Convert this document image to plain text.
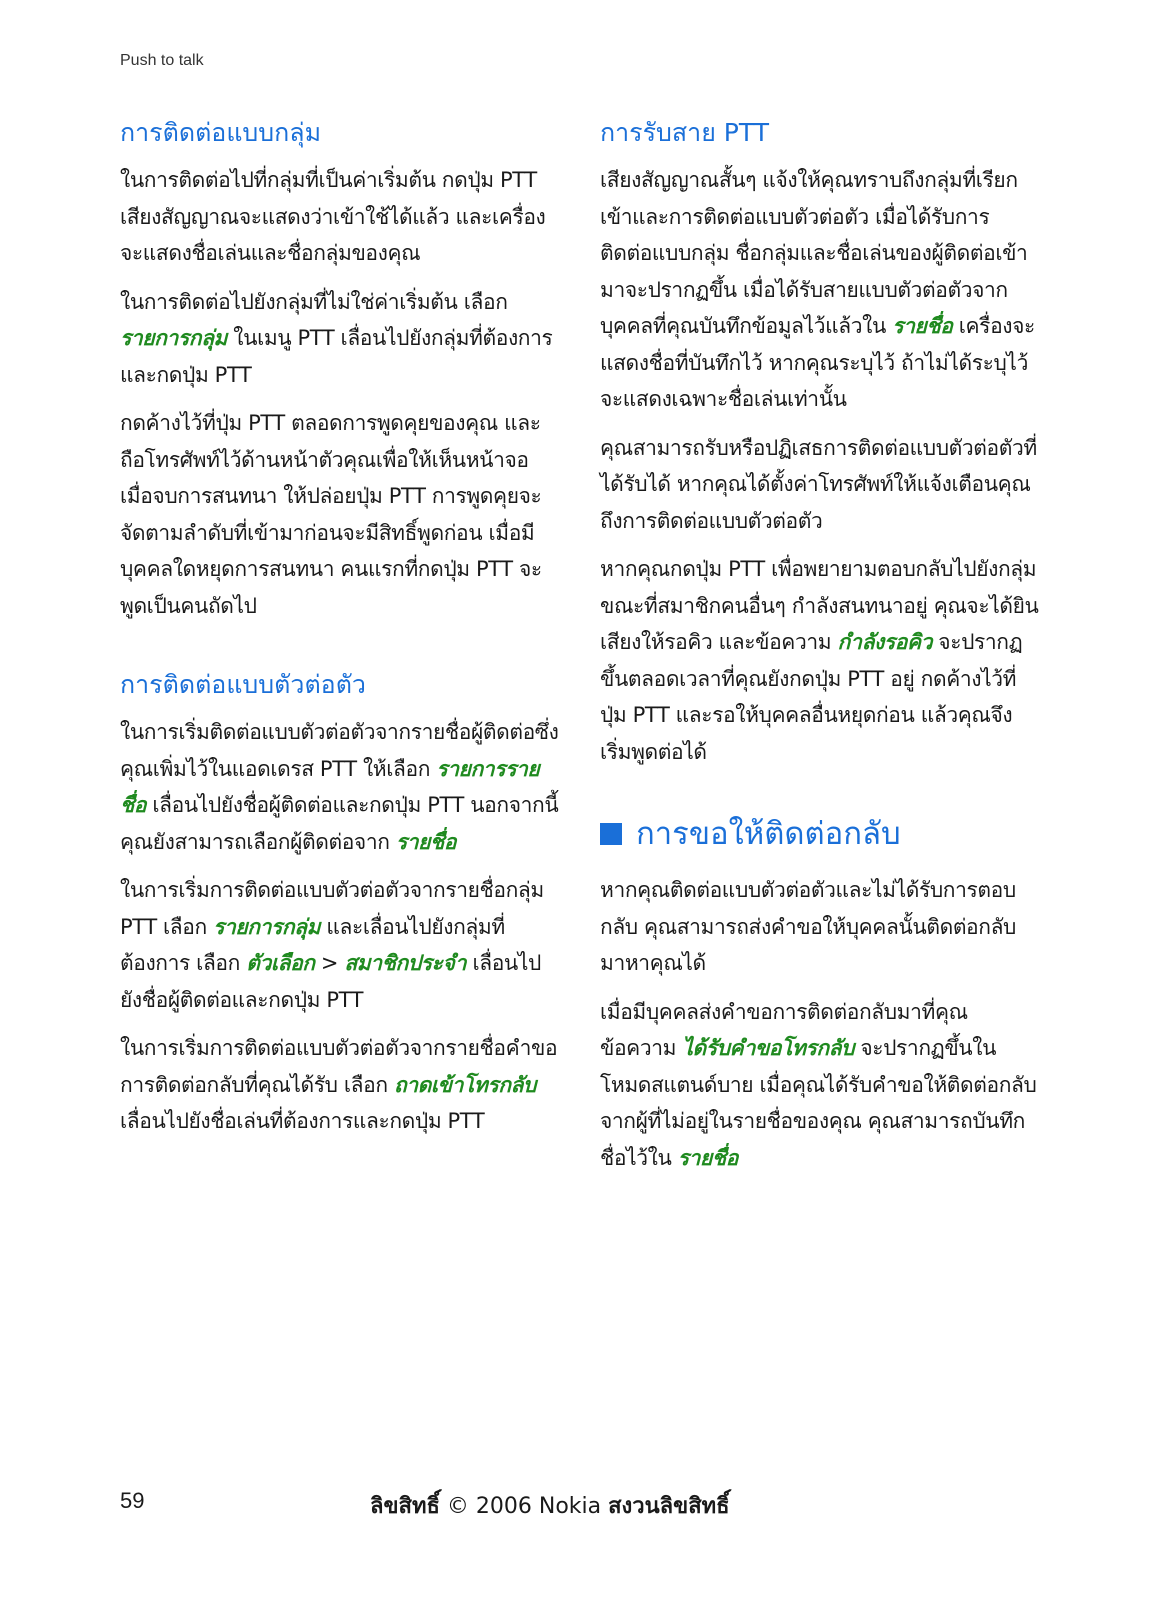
Push to talk
การติดต่อแบบกลุ่ม

ในการติดต่อไปที่กลุ่มที่เป็นค่าเริ่มต้น กดปุ่ม PTT เสียงสัญญาณจะแสดงว่าเข้าใช้ได้แล้ว และเครื่องจะแสดงชื่อเล่นและชื่อกลุ่มของคุณ

ในการติดต่อไปยังกลุ่มที่ไม่ใช่ค่าเริ่มต้น เลือก รายการกลุ่ม ในเมนู PTT เลื่อนไปยังกลุ่มที่ต้องการ และกดปุ่ม PTT

กดค้างไว้ที่ปุ่ม PTT ตลอดการพูดคุยของคุณ และถือโทรศัพท์ไว้ด้านหน้าตัวคุณเพื่อให้เห็นหน้าจอ เมื่อจบการสนทนา ให้ปล่อยปุ่ม PTT การพูดคุยจะจัดตามลำดับที่เข้ามาก่อนจะมีสิทธิ์พูดก่อน เมื่อมีบุคคลใดหยุดการสนทนา คนแรกที่กดปุ่ม PTT จะพูดเป็นคนถัดไป

การติดต่อแบบตัวต่อตัว

ในการเริ่มติดต่อแบบตัวต่อตัวจากรายชื่อผู้ติดต่อซึ่งคุณเพิ่มไว้ในแอดเดรส PTT ให้เลือก รายการรายชื่อ เลื่อนไปยังชื่อผู้ติดต่อและกดปุ่ม PTT นอกจากนี้ คุณยังสามารถเลือกผู้ติดต่อจาก รายชื่อ

ในการเริ่มการติดต่อแบบตัวต่อตัวจากรายชื่อกลุ่ม PTT เลือก รายการกลุ่ม และเลื่อนไปยังกลุ่มที่ต้องการ เลือก ตัวเลือก > สมาชิกประจำ เลื่อนไปยังชื่อผู้ติดต่อและกดปุ่ม PTT

ในการเริ่มการติดต่อแบบตัวต่อตัวจากรายชื่อคำขอการติดต่อกลับที่คุณได้รับ เลือก ถาดเข้าโทรกลับ เลื่อนไปยังชื่อเล่นที่ต้องการและกดปุ่ม PTT

การรับสาย PTT

เสียงสัญญาณสั้นๆ แจ้งให้คุณทราบถึงกลุ่มที่เรียกเข้าและการติดต่อแบบตัวต่อตัว เมื่อได้รับการติดต่อแบบกลุ่ม ชื่อกลุ่มและชื่อเล่นของผู้ติดต่อเข้ามาจะปรากฏขึ้น เมื่อได้รับสายแบบตัวต่อตัวจากบุคคลที่คุณบันทึกข้อมูลไว้แล้วใน รายชื่อ เครื่องจะแสดงชื่อที่บันทึกไว้ หากคุณระบุไว้ ถ้าไม่ได้ระบุไว้ จะแสดงเฉพาะชื่อเล่นเท่านั้น

คุณสามารถรับหรือปฏิเสธการติดต่อแบบตัวต่อตัวที่ได้รับได้ หากคุณได้ตั้งค่าโทรศัพท์ให้แจ้งเตือนคุณถึงการติดต่อแบบตัวต่อตัว

หากคุณกดปุ่ม PTT เพื่อพยายามตอบกลับไปยังกลุ่มขณะที่สมาชิกคนอื่นๆ กำลังสนทนาอยู่ คุณจะได้ยินเสียงให้รอคิว และข้อความ กำลังรอคิว จะปรากฏขึ้นตลอดเวลาที่คุณยังกดปุ่ม PTT อยู่ กดค้างไว้ที่ปุ่ม PTT และรอให้บุคคลอื่นหยุดก่อน แล้วคุณจึงเริ่มพูดต่อได้

การขอให้ติดต่อกลับ

หากคุณติดต่อแบบตัวต่อตัวและไม่ได้รับการตอบกลับ คุณสามารถส่งคำขอให้บุคคลนั้นติดต่อกลับมาหาคุณได้

เมื่อมีบุคคลส่งคำขอการติดต่อกลับมาที่คุณ ข้อความ ได้รับคำขอโทรกลับ จะปรากฏขึ้นในโหมดสแตนด์บาย เมื่อคุณได้รับคำขอให้ติดต่อกลับจากผู้ที่ไม่อยู่ในรายชื่อของคุณ คุณสามารถบันทึกชื่อไว้ใน รายชื่อ

59	ลิขสิทธิ์ © 2006 Nokia สงวนลิขสิทธิ์
